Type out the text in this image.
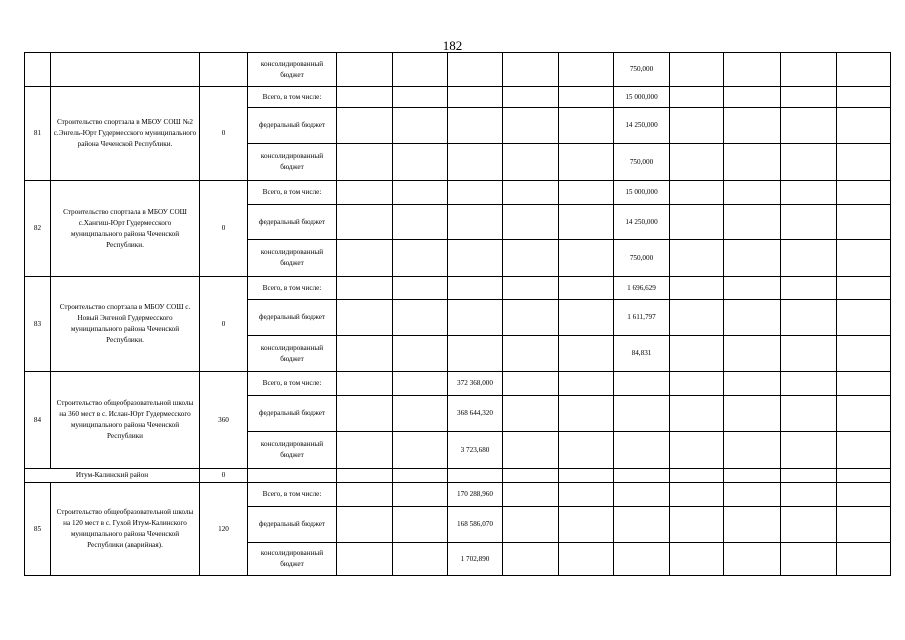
182
			консолидированный бюджет						750,000				
81	Строительство спортзала в МБОУ СОШ №2 с.Энгель-Юрт Гудермесского муниципального района Чеченской Республики.	0	Всего, в том числе:						15 000,000				
			федеральный бюджет						14 250,000				
			консолидированный бюджет						750,000				
82	Строительство спортзала в МБОУ СОШ с.Хангиш-Юрт Гудермесского муниципального района Чеченской Республики.	0	Всего, в том числе:						15 000,000				
			федеральный бюджет						14 250,000				
			консолидированный бюджет						750,000				
83	Строительство спортзала в МБОУ СОШ с. Новый Энгеной Гудермесского муниципального района Чеченской Республики.	0	Всего, в том числе:						1 696,629				
			федеральный бюджет						1 611,797				
			консолидированный бюджет						84,831				
84	Строительство общеобразовательной школы на 360 мест в с. Ислан-Юрт Гудермесского муниципального района Чеченской Республики	360	Всего, в том числе:			372 368,000							
			федеральный бюджет			368 644,320							
			консолидированный бюджет			3 723,680							
Итум-Калинский район		0											
85	Строительство общеобразовательной школы на 120 мест в с. Гухой Итум-Калинского муниципального района Чеченской Республики (аварийная).	120	Всего, в том числе:			170 288,960							
			федеральный бюджет			168 586,070							
			консолидированный бюджет			1 702,890							
